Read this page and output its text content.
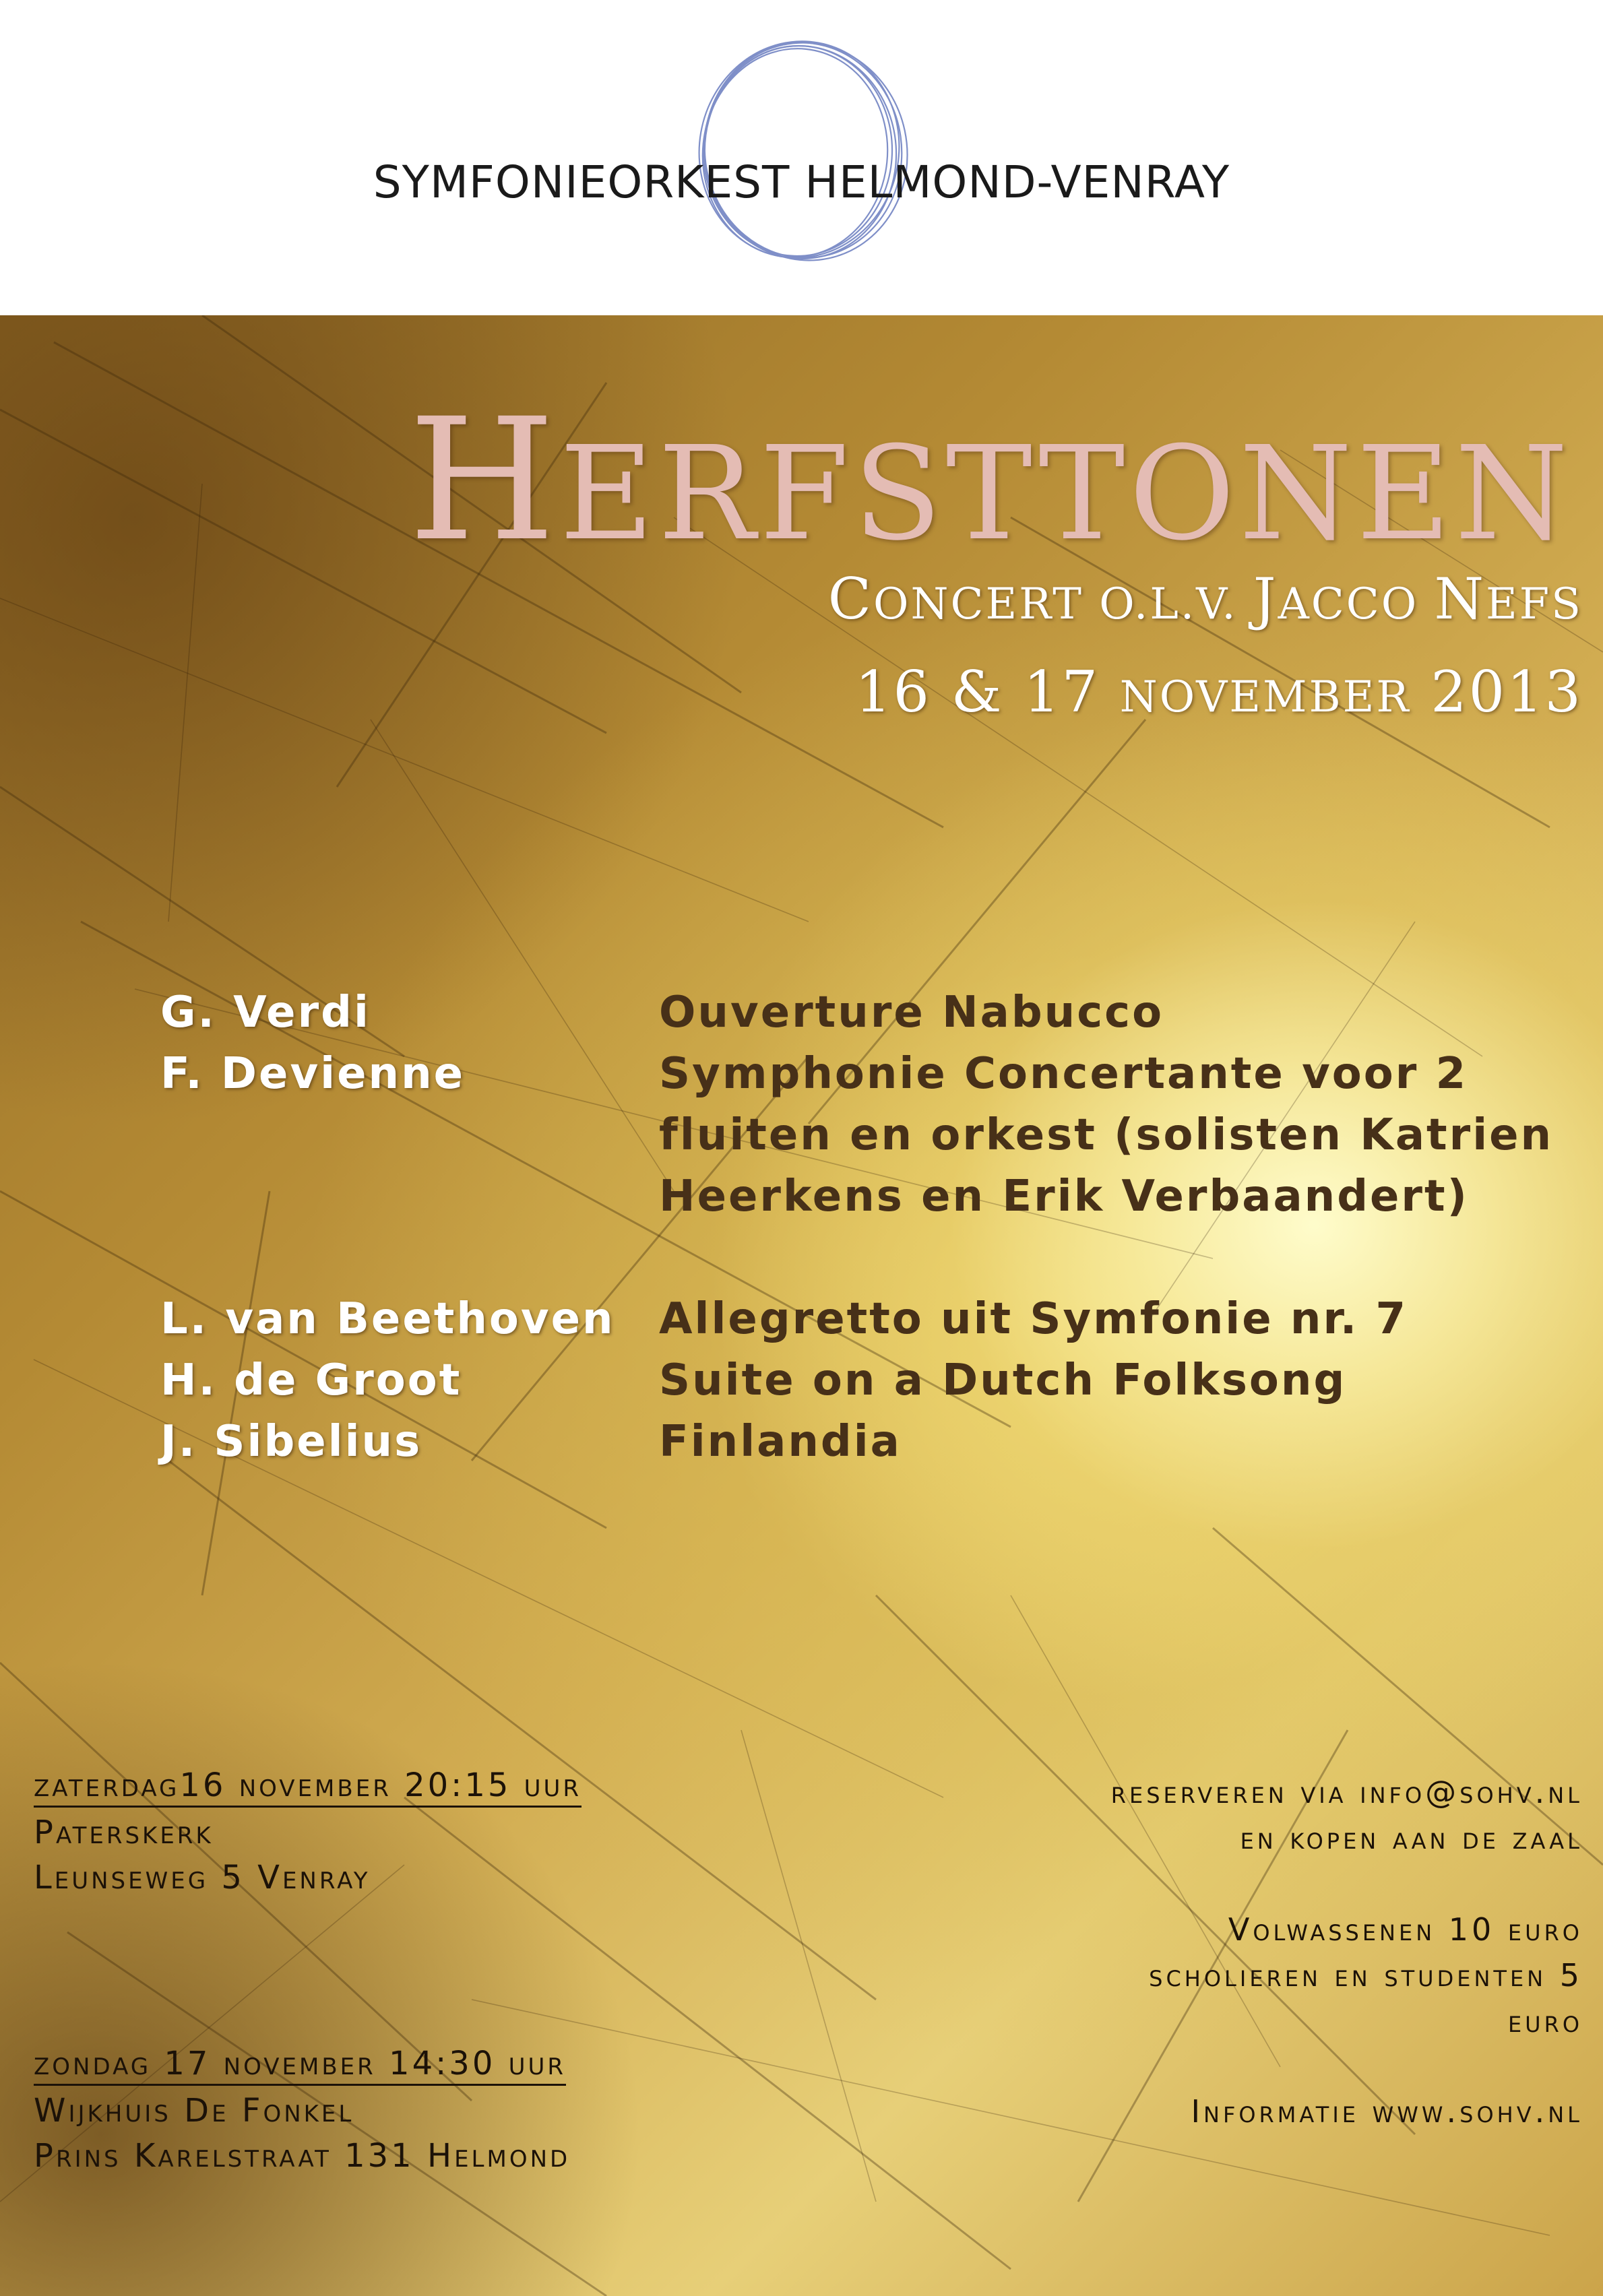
SYMFONIEORKEST HELMOND-VENRAY
HERFSTTONEN
CONCERT O.L.V. JACCO NEFS
16 & 17 NOVEMBER 2013
G. Verdi	Ouverture Nabucco
F. Devienne	Symphonie Concertante voor 2
fluiten en orkest (solisten Katrien
Heerkens en Erik Verbaandert)
L. van Beethoven	Allegretto uit Symfonie nr. 7
H. de Groot	Suite on a Dutch Folksong
J. Sibelius	Finlandia
zaterdag16 november 20:15 uur
Paterskerk
Leunseweg 5 Venray
zondag 17 november 14:30 uur
Wijkhuis De Fonkel
Prins Karelstraat 131 Helmond
reserveren via info@sohv.nl
en kopen aan de zaal
Volwassenen 10 euro
scholieren en studenten 5
euro
Informatie www.sohv.nl
